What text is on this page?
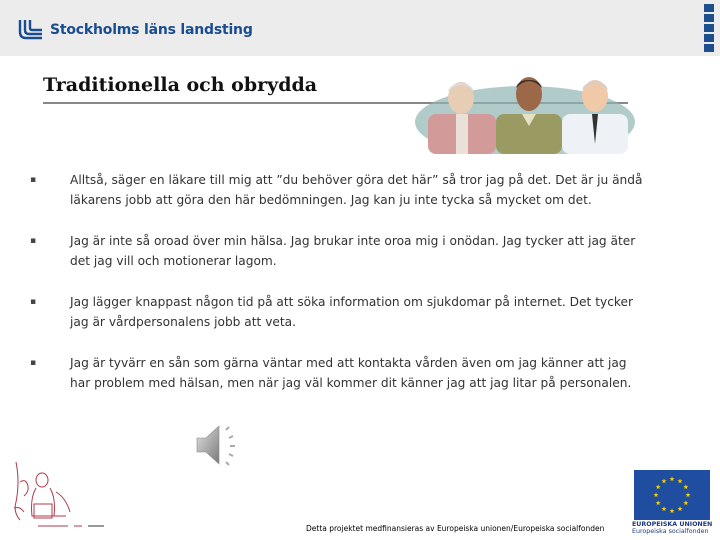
Stockholms läns landsting
Traditionella och obrydda
▪	Alltså, säger en läkare till mig att ”du behöver göra det här” så tror jag på det. Det är ju ändå läkarens jobb att göra den här bedömningen. Jag kan ju inte tycka så mycket om det.
▪	Jag är inte så oroad över min hälsa. Jag brukar inte oroa mig i onödan. Jag tycker att jag äter det jag vill och motionerar lagom.
▪	Jag lägger knappast någon tid på att söka information om sjukdomar på internet. Det tycker jag är vårdpersonalens jobb att veta.
▪	Jag är tyvärr en sån som gärna väntar med att kontakta vården även om jag känner att jag har problem med hälsan, men när jag väl kommer dit känner jag att jag litar på personalen.
Detta projektet medfinansieras av Europeiska unionen/Europeiska socialfonden	EUROPEISKA UNIONEN
Europeiska socialfonden
